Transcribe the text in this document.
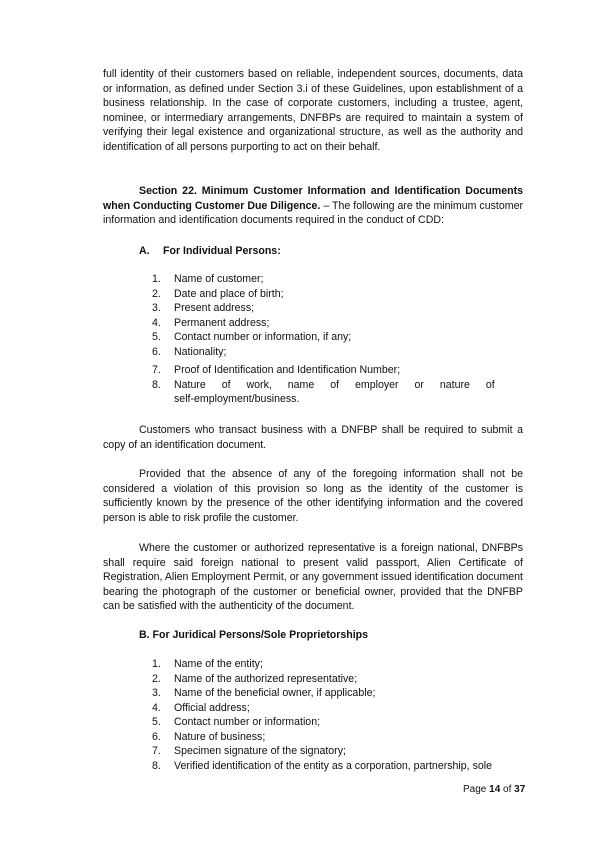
full identity of their customers based on reliable, independent sources, documents, data or information, as defined under Section 3.i of these Guidelines, upon establishment of a business relationship. In the case of corporate customers, including a trustee, agent, nominee, or intermediary arrangements, DNFBPs are required to maintain a system of verifying their legal existence and organizational structure, as well as the authority and identification of all persons purporting to act on their behalf.

Section 22. Minimum Customer Information and Identification Documents when Conducting Customer Due Diligence. – The following are the minimum customer information and identification documents required in the conduct of CDD:

A. For Individual Persons:
1.	Name of customer;
2.	Date and place of birth;
3.	Present address;
4.	Permanent address;
5.	Contact number or information, if any;
6.	Nationality;
7.	Proof of Identification and Identification Number;
8.	Nature of work, name of employer or nature of self-employment/business.

Customers who transact business with a DNFBP shall be required to submit a copy of an identification document.

Provided that the absence of any of the foregoing information shall not be considered a violation of this provision so long as the identity of the customer is sufficiently known by the presence of the other identifying information and the covered person is able to risk profile the customer.

Where the customer or authorized representative is a foreign national, DNFBPs shall require said foreign national to present valid passport, Alien Certificate of Registration, Alien Employment Permit, or any government issued identification document bearing the photograph of the customer or beneficial owner, provided that the DNFBP can be satisfied with the authenticity of the document.

B. For Juridical Persons/Sole Proprietorships
1.	Name of the entity;
2.	Name of the authorized representative;
3.	Name of the beneficial owner, if applicable;
4.	Official address;
5.	Contact number or information;
6.	Nature of business;
7.	Specimen signature of the signatory;
8.	Verified identification of the entity as a corporation, partnership, sole
Page 14 of 37
